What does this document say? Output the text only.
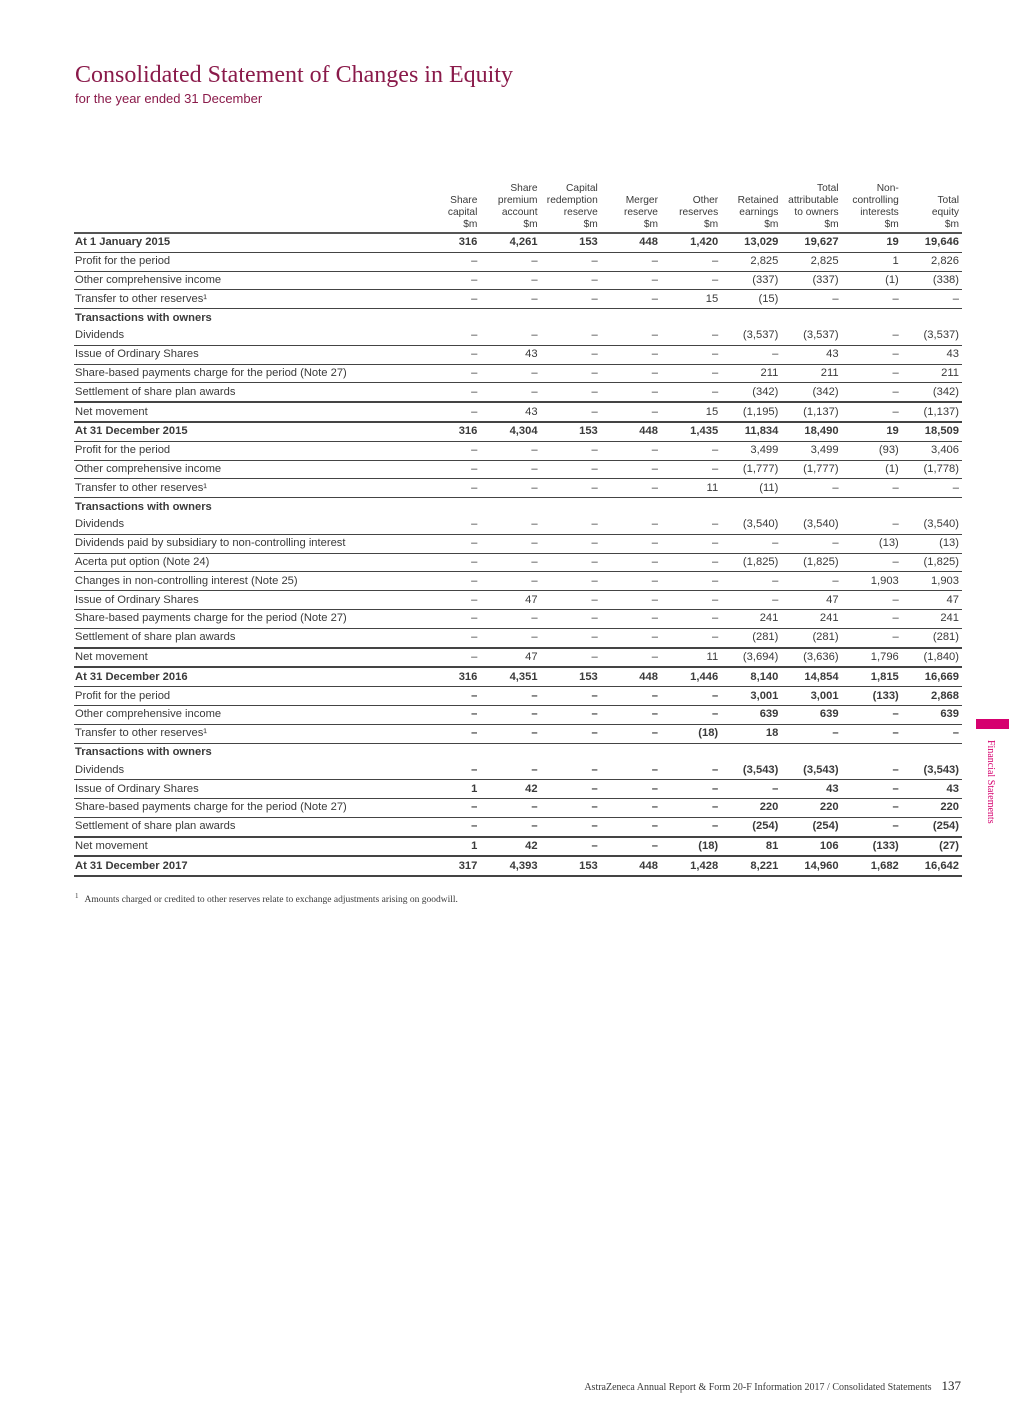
Consolidated Statement of Changes in Equity
for the year ended 31 December

	Share
capital
$m	Share
premium
account
$m	Capital
redemption
reserve
$m	Merger
reserve
$m	Other
reserves
$m	Retained
earnings
$m	Total
attributable
to owners
$m	Non-
controlling
interests
$m	Total
equity
$m

At 1 January 2015	316	4,261	153	448	1,420	13,029	19,627	19	19,646
Profit for the period	–	–	–	–	–	2,825	2,825	1	2,826
Other comprehensive income	–	–	–	–	–	(337)	(337)	(1)	(338)
Transfer to other reserves¹	–	–	–	–	15	(15)	–	–	–
Transactions with owners									
Dividends	–	–	–	–	–	(3,537)	(3,537)	–	(3,537)
Issue of Ordinary Shares	–	43	–	–	–	–	43	–	43
Share-based payments charge for the period (Note 27)	–	–	–	–	–	211	211	–	211
Settlement of share plan awards	–	–	–	–	–	(342)	(342)	–	(342)
Net movement	–	43	–	–	15	(1,195)	(1,137)	–	(1,137)
At 31 December 2015	316	4,304	153	448	1,435	11,834	18,490	19	18,509
Profit for the period	–	–	–	–	–	3,499	3,499	(93)	3,406
Other comprehensive income	–	–	–	–	–	(1,777)	(1,777)	(1)	(1,778)
Transfer to other reserves¹	–	–	–	–	11	(11)	–	–	–
Transactions with owners									
Dividends	–	–	–	–	–	(3,540)	(3,540)	–	(3,540)
Dividends paid by subsidiary to non-controlling interest	–	–	–	–	–	–	–	(13)	(13)
Acerta put option (Note 24)	–	–	–	–	–	(1,825)	(1,825)	–	(1,825)
Changes in non-controlling interest (Note 25)	–	–	–	–	–	–	–	1,903	1,903
Issue of Ordinary Shares	–	47	–	–	–	–	47	–	47
Share-based payments charge for the period (Note 27)	–	–	–	–	–	241	241	–	241
Settlement of share plan awards	–	–	–	–	–	(281)	(281)	–	(281)
Net movement	–	47	–	–	11	(3,694)	(3,636)	1,796	(1,840)
At 31 December 2016	316	4,351	153	448	1,446	8,140	14,854	1,815	16,669
Profit for the period	–	–	–	–	–	3,001	3,001	(133)	2,868
Other comprehensive income	–	–	–	–	–	639	639	–	639
Transfer to other reserves¹	–	–	–	–	(18)	18	–	–	–
Transactions with owners									
Dividends	–	–	–	–	–	(3,543)	(3,543)	–	(3,543)
Issue of Ordinary Shares	1	42	–	–	–	–	43	–	43
Share-based payments charge for the period (Note 27)	–	–	–	–	–	220	220	–	220
Settlement of share plan awards	–	–	–	–	–	(254)	(254)	–	(254)
Net movement	1	42	–	–	(18)	81	106	(133)	(27)
At 31 December 2017	317	4,393	153	448	1,428	8,221	14,960	1,682	16,642
$^1$ Amounts charged or credited to other reserves relate to exchange adjustments arising on goodwill.
Financial Statements
AstraZeneca Annual Report & Form 20-F Information 2017 / Consolidated Statements 137
